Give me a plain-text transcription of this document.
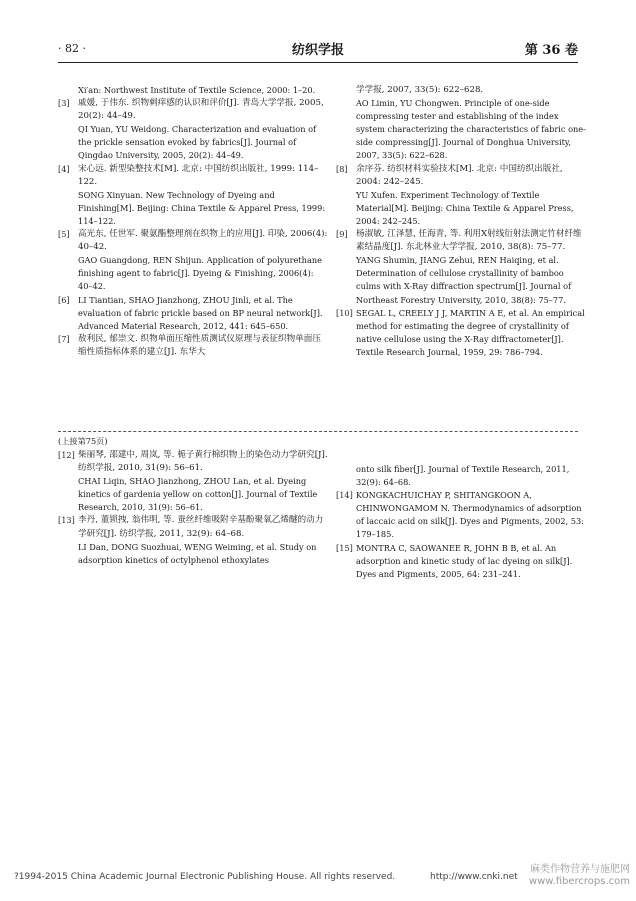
· 82 ·	纺织学报	第 36 卷

Xi′an: Northwest Institute of Textile Science, 2000: 1–20.

[3] 戚媛, 于伟东. 织物刺痒感的认识和评价[J]. 青岛大学学报, 2005, 20(2): 44–49.

QI Yuan, YU Weidong. Characterization and evaluation of the prickle sensation evoked by fabrics[J]. Journal of Qingdao University, 2005, 20(2): 44–49.

[4] 宋心远. 新型染整技术[M]. 北京: 中国纺织出版社, 1999: 114–122.

SONG Xinyuan. New Technology of Dyeing and Finishing[M]. Beijing: China Textile & Apparel Press, 1999: 114–122.

[5] 高光东, 任世军. 聚氨酯整理剂在织物上的应用[J]. 印染, 2006(4): 40–42.

GAO Guangdong, REN Shijun. Application of polyurethane finishing agent to fabric[J]. Dyeing & Finishing, 2006(4): 40–42.

[6]	LI Tiantian, SHAO Jianzhong, ZHOU Jinli, et al. The evaluation of fabric prickle based on BP neural network[J]. Advanced Material Research, 2012, 441: 645–650.

[7] 敖利民, 郁崇文. 织物单面压缩性质测试仪原理与表征织物单面压缩性质指标体系的建立[J]. 东华大

学学报, 2007, 33(5): 622–628.

AO Limin, YU Chongwen. Principle of one-side compressing tester and establishing of the index system characterizing the characteristics of fabric one-side compressing[J]. Journal of Donghua University, 2007, 33(5): 622–628.

[8] 余序芬. 纺织材料实验技术[M]. 北京: 中国纺织出版社, 2004: 242–245.

YU Xufen. Experiment Technology of Textile Material[M]. Beijing: China Textile & Apparel Press, 2004: 242–245.

[9] 杨淑敏, 江泽慧, 任海青, 等. 利用X射线衍射法测定竹材纤维素结晶度[J]. 东北林业大学学报, 2010, 38(8): 75–77.

YANG Shumin, JIANG Zehui, REN Haiqing, et al. Determination of cellulose crystallinity of bamboo culms with X-Ray diffraction spectrum[J]. Journal of Northeast Forestry University, 2010, 38(8): 75–77.

[10] SEGAL L, CREELY J J, MARTIN A E, et al. An empirical method for estimating the degree of crystallinity of native cellulose using the X-Ray diffractometer[J]. Textile Research Journal, 1959, 29: 786–794.

(上接第75页)
[12] 柴丽琴, 邵建中, 周岚, 等. 栀子黄行棉织物上的染色动力学研究[J]. 纺织学报, 2010, 31(9): 56–61.

CHAI Liqin, SHAO Jianzhong, ZHOU Lan, et al. Dyeing kinetics of gardenia yellow on cotton[J]. Journal of Textile Research, 2010, 31(9): 56–61.

[13] 李丹, 董锁拽, 翁伟明, 等. 蚕丝纤维吸附辛基酚聚氧乙烯醚的动力学研究[J]. 纺织学报, 2011, 32(9): 64–68.

LI Dan, DONG Suozhuai, WENG Weiming, et al. Study on adsorption kinetics of octylphenol ethoxylates

onto silk fiber[J]. Journal of Textile Research, 2011, 32(9): 64–68.

[14] KONGKACHUICHAY P, SHITANGKOON A, CHINWONGAMOM N. Thermodynamics of adsorption of laccaic acid on silk[J]. Dyes and Pigments, 2002, 53: 179–185.

[15] MONTRA C, SAOWANEE R, JOHN B B, et al. An adsorption and kinetic study of lac dyeing on silk[J]. Dyes and Pigments, 2005, 64: 231–241.

?1994-2015 China Academic Journal Electronic Publishing House. All rights reserved.	http://www.cnki.net
麻类作物营养与施肥网 www.fibercrops.com
